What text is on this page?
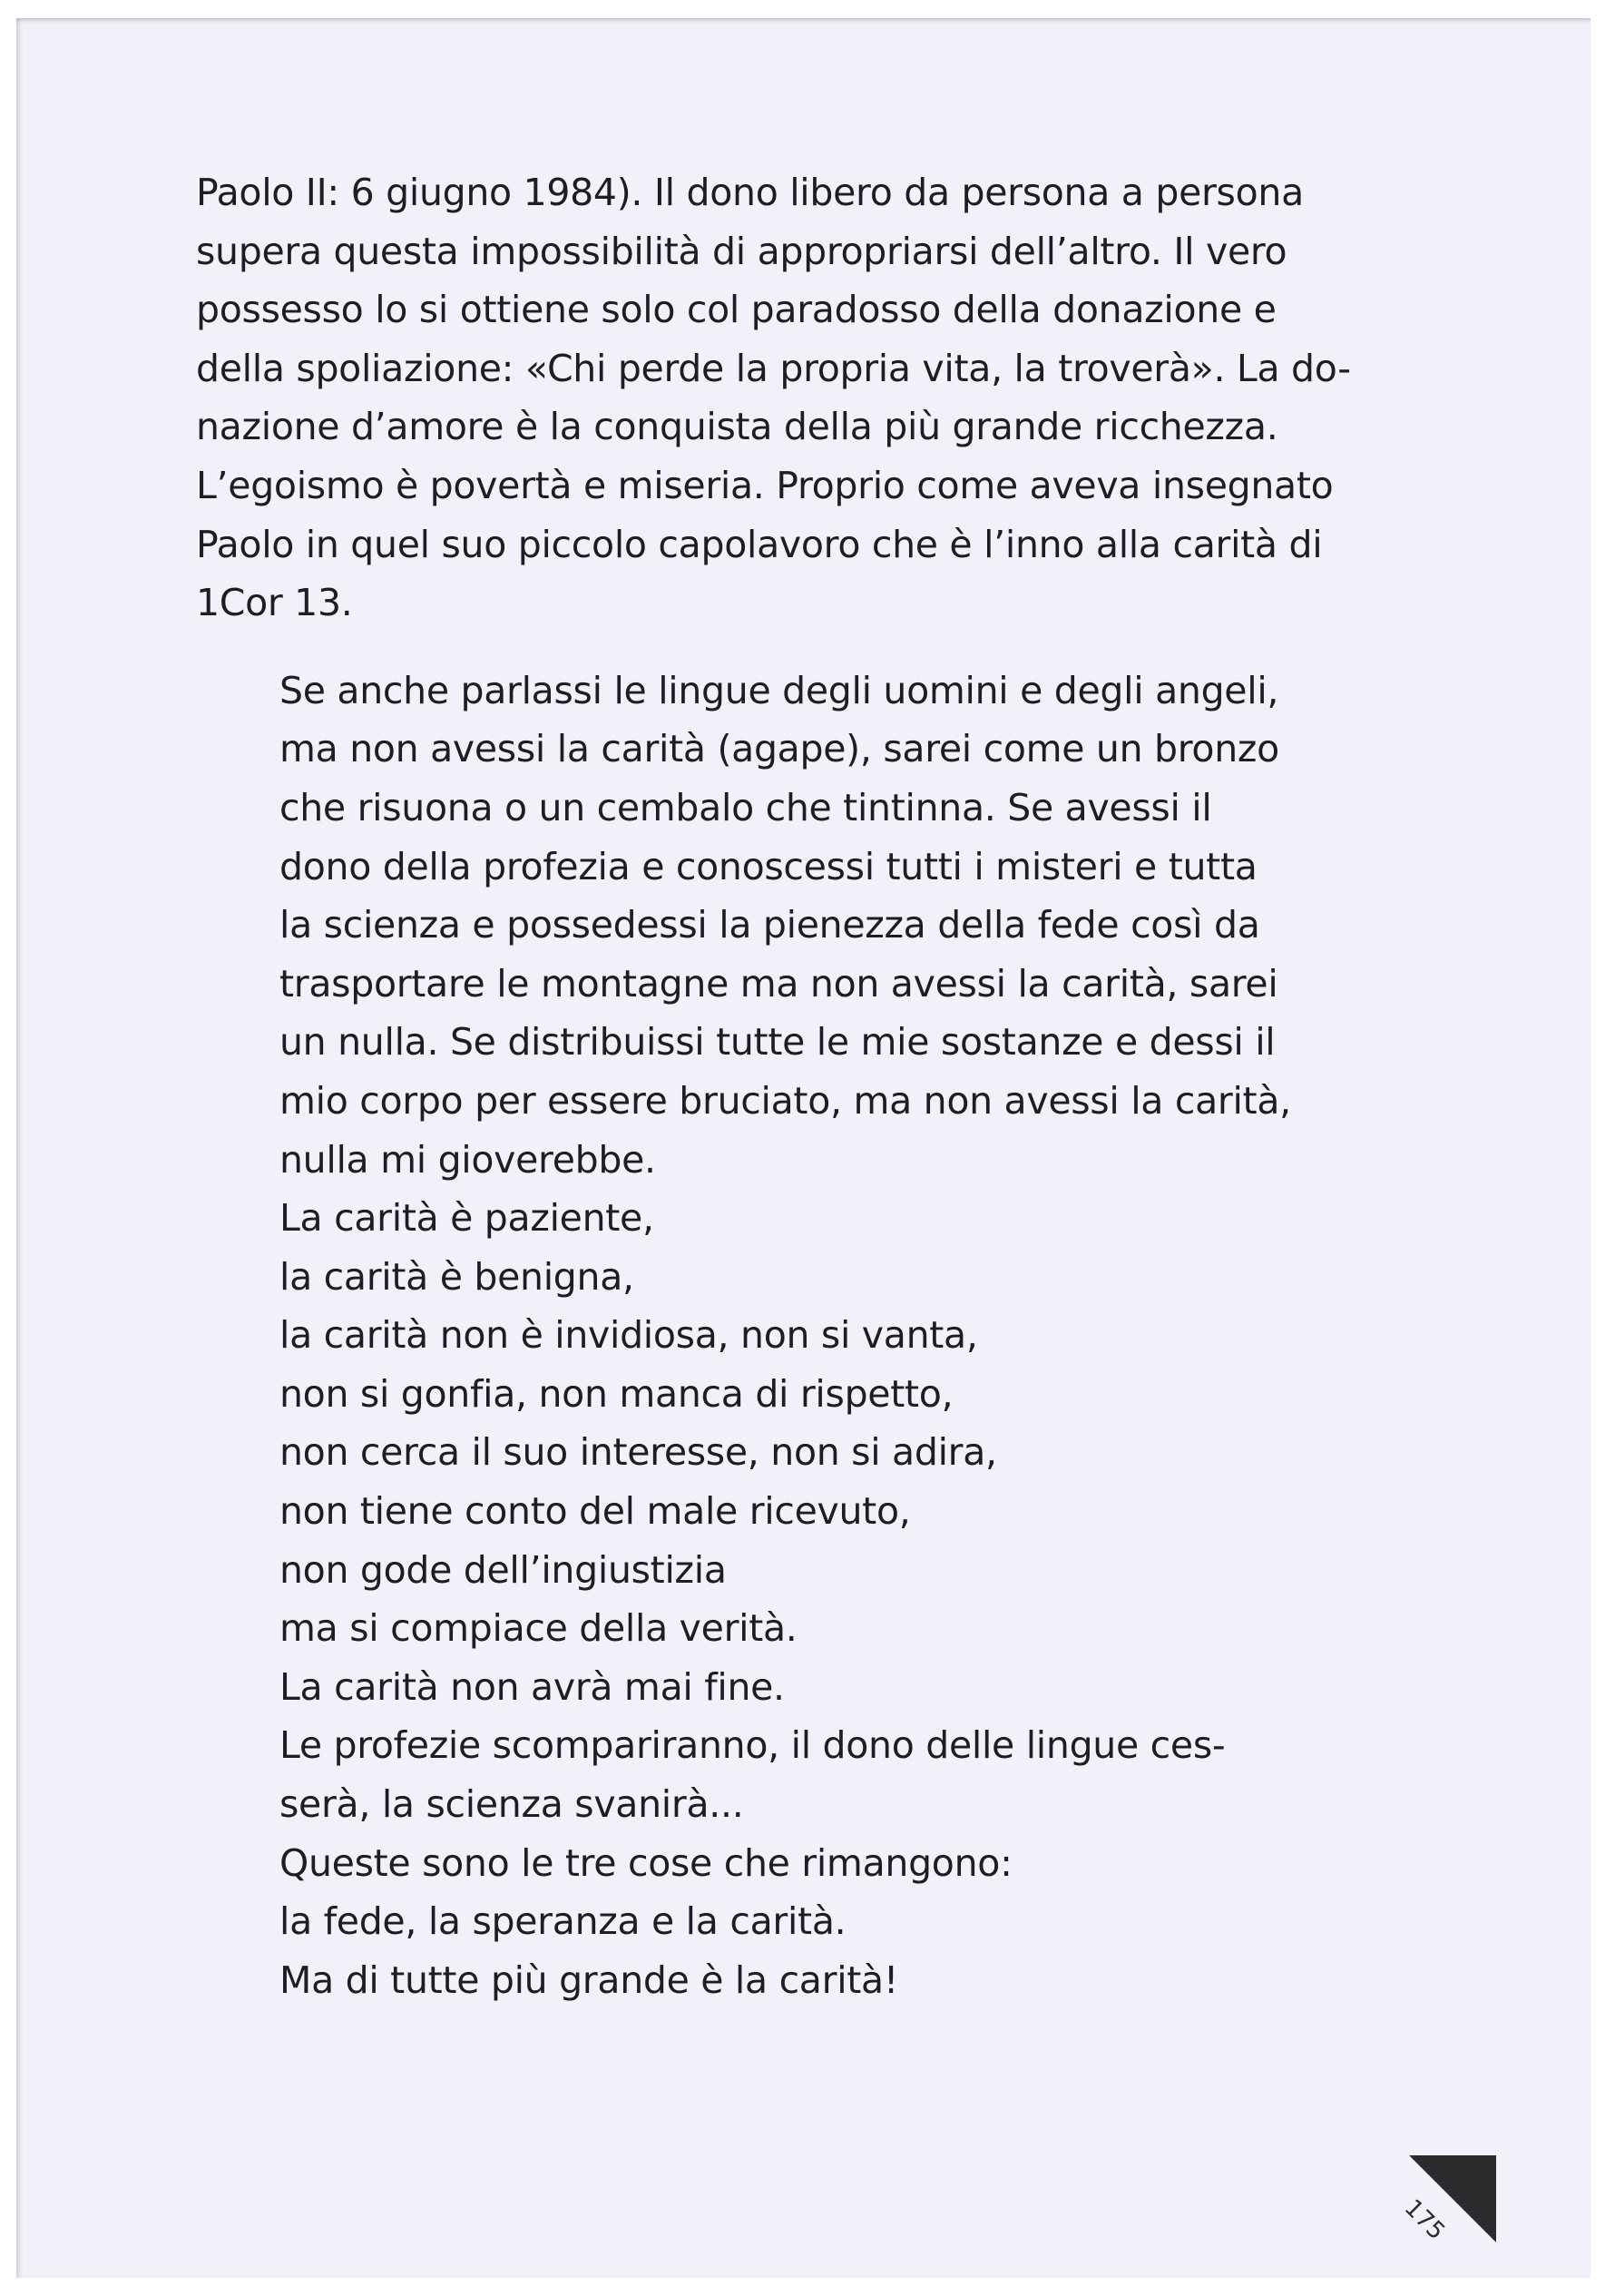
Paolo II: 6 giugno 1984). Il dono libero da persona a persona
supera questa impossibilità di appropriarsi dell’altro. Il vero
possesso lo si ottiene solo col paradosso della donazione e
della spoliazione: «Chi perde la propria vita, la troverà». La do-
nazione d’amore è la conquista della più grande ricchezza.
L’egoismo è povertà e miseria. Proprio come aveva insegnato
Paolo in quel suo piccolo capolavoro che è l’inno alla carità di
1Cor 13.
Se anche parlassi le lingue degli uomini e degli angeli,
ma non avessi la carità (agape), sarei come un bronzo
che risuona o un cembalo che tintinna. Se avessi il
dono della profezia e conoscessi tutti i misteri e tutta
la scienza e possedessi la pienezza della fede così da
trasportare le montagne ma non avessi la carità, sarei
un nulla. Se distribuissi tutte le mie sostanze e dessi il
mio corpo per essere bruciato, ma non avessi la carità,
nulla mi gioverebbe.
La carità è paziente,
la carità è benigna,
la carità non è invidiosa, non si vanta,
non si gonfia, non manca di rispetto,
non cerca il suo interesse, non si adira,
non tiene conto del male ricevuto,
non gode dell’ingiustizia
ma si compiace della verità.
La carità non avrà mai fine.
Le profezie scompariranno, il dono delle lingue ces-
serà, la scienza svanirà...
Queste sono le tre cose che rimangono:
la fede, la speranza e la carità.
Ma di tutte più grande è la carità!
175
